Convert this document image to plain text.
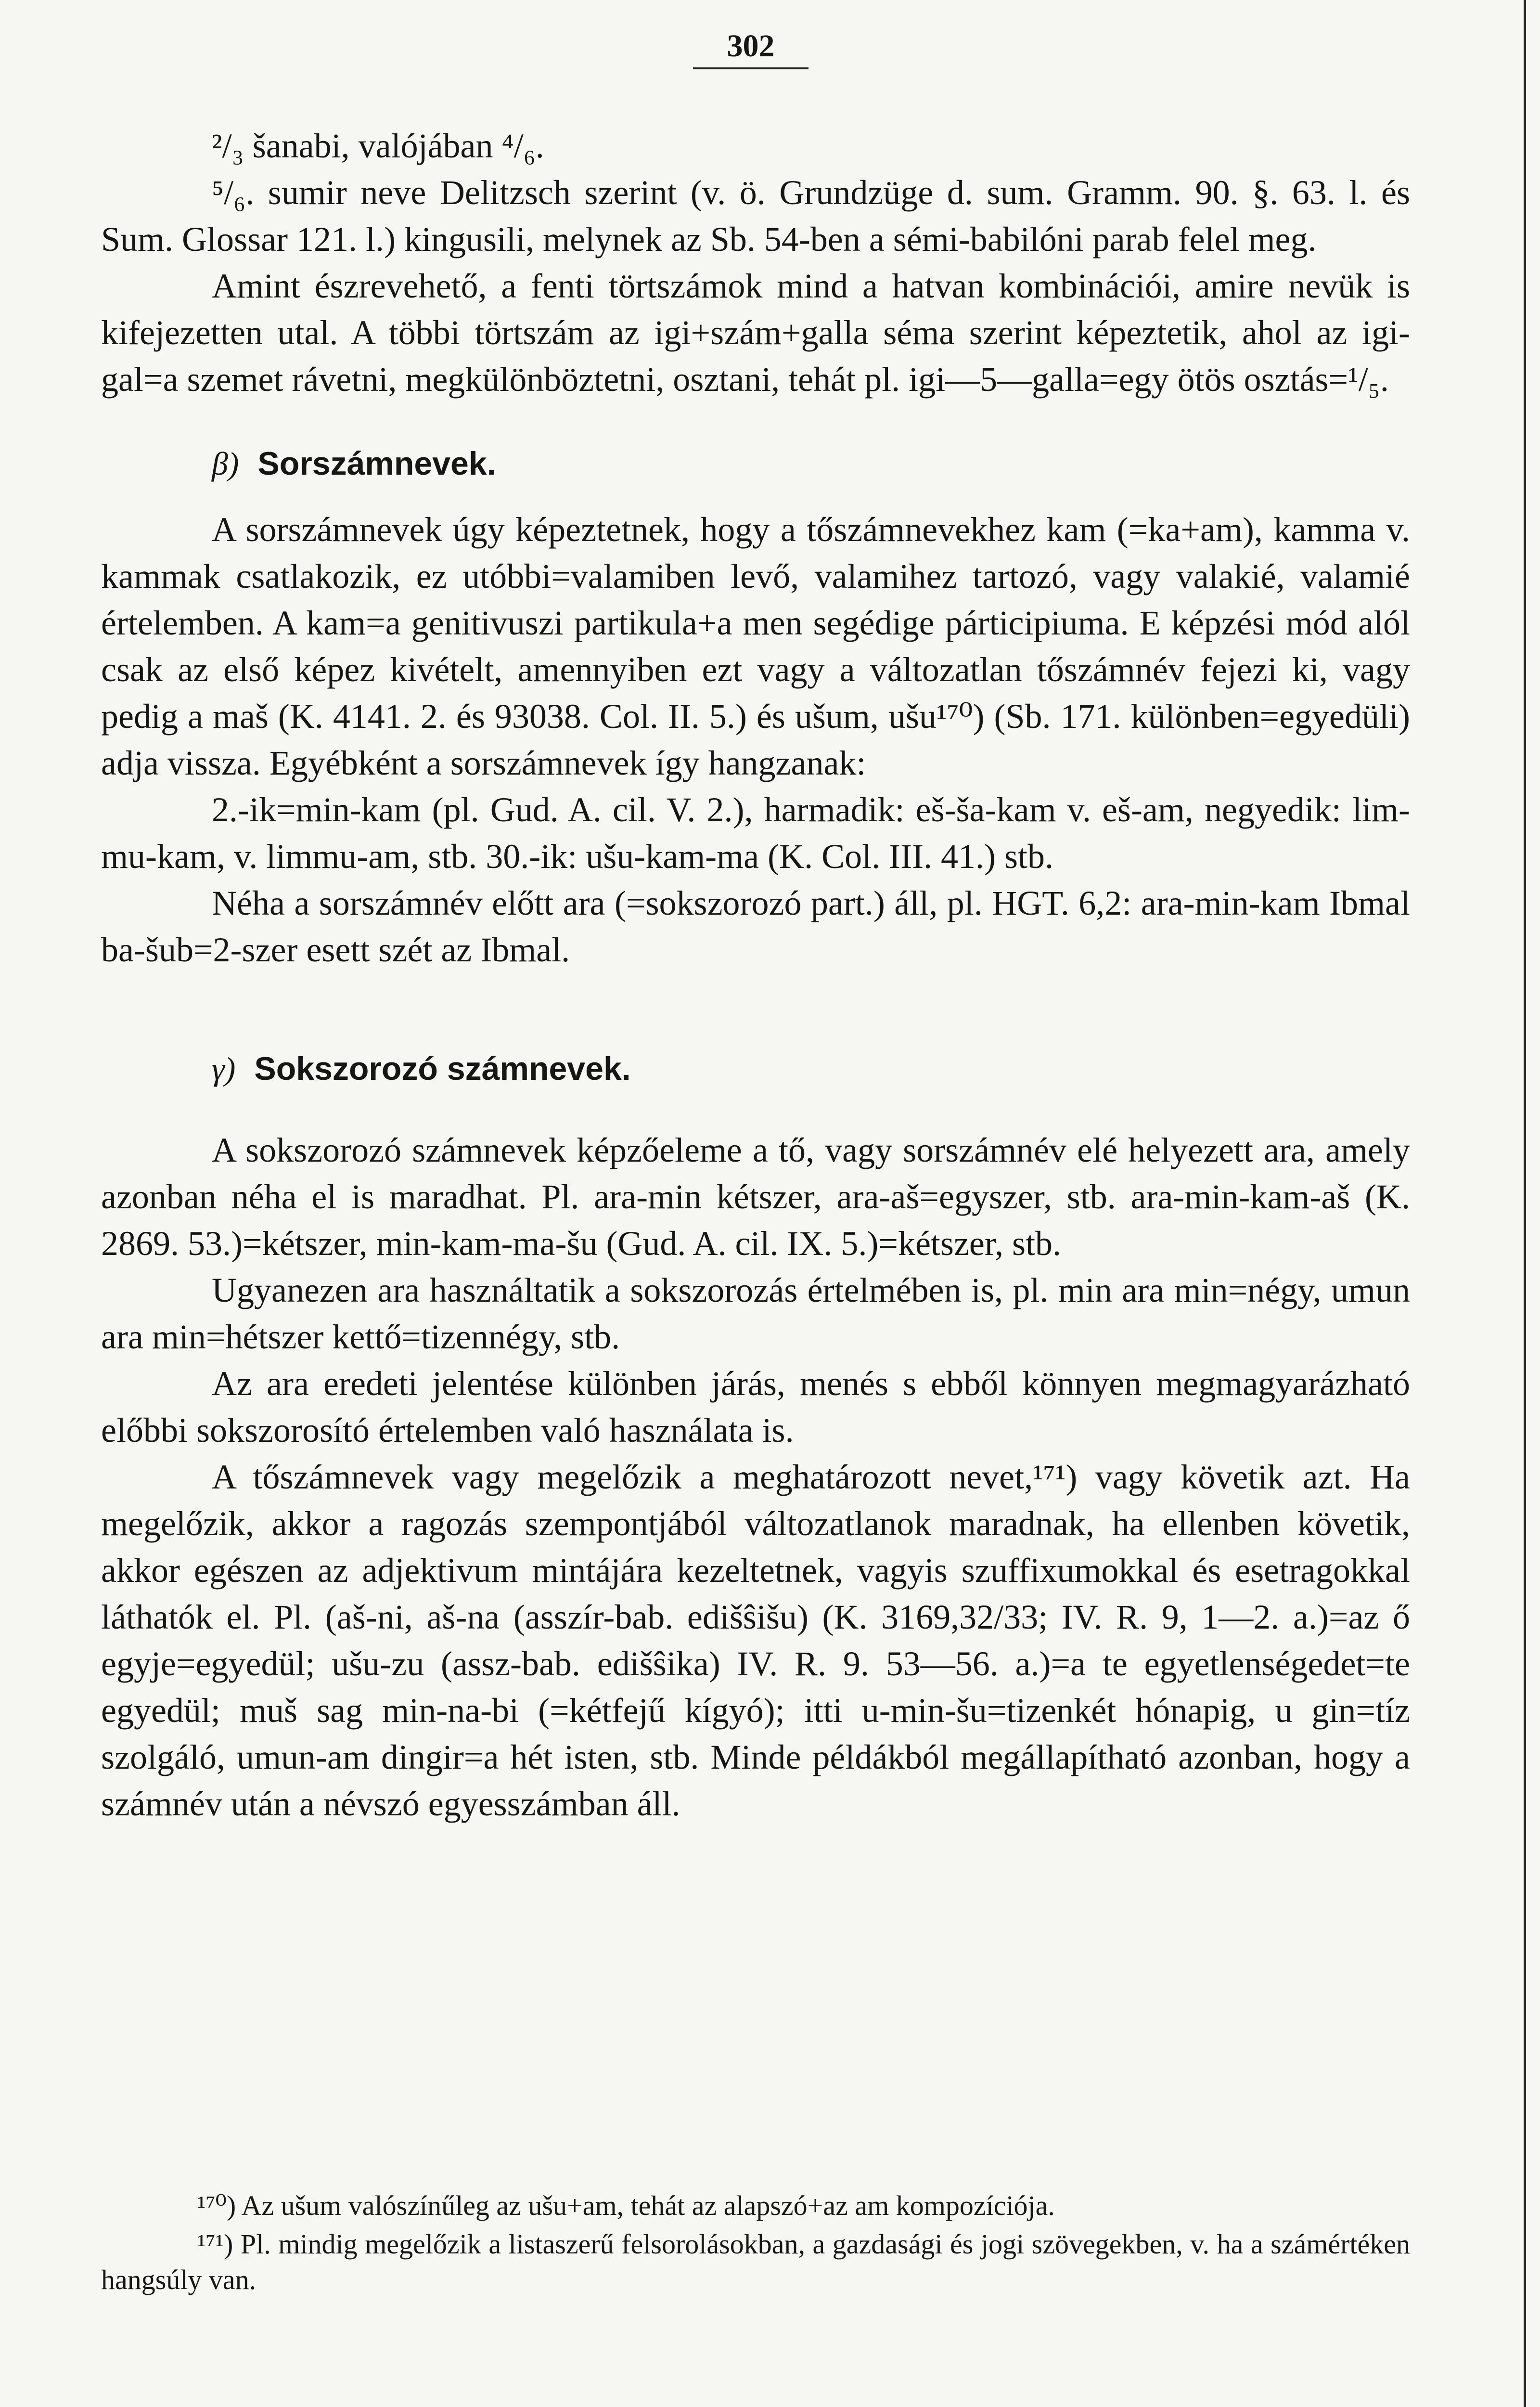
302

²/₃ šanabi, valójában ⁴/₆.

⁵/₆. sumir neve Delitzsch szerint (v. ö. Grundzüge d. sum. Gramm. 90. §. 63. l. és Sum. Glossar 121. l.) kingusili, melynek az Sb. 54-ben a sémi-babilóni parab felel meg.

Amint észrevehető, a fenti törtszámok mind a hatvan kombinációi, amire nevük is kifejezetten utal. A többi törtszám az igi+szám+galla séma szerint képeztetik, ahol az igi-gal=a szemet rávetni, megkülönböztetni, osztani, tehát pl. igi—5—galla=egy ötös osztás=¹/₅.

β) Sorszámnevek.

A sorszámnevek úgy képeztetnek, hogy a tőszámnevekhez kam (=ka+am), kamma v. kammak csatlakozik, ez utóbbi=valamiben levő, valamihez tartozó, vagy valakié, valamié értelemben. A kam=a genitivuszi partikula+a men segédige párticipiuma. E képzési mód alól csak az első képez kivételt, amennyiben ezt vagy a változatlan tőszámnév fejezi ki, vagy pedig a maš (K. 4141. 2. és 93038. Col. II. 5.) és ušum, ušu¹⁷⁰) (Sb. 171. különben=egyedüli) adja vissza. Egyébként a sorszámnevek így hangzanak:

2.-ik=min-kam (pl. Gud. A. cil. V. 2.), harmadik: eš-ša-kam v. eš-am, negyedik: lim-mu-kam, v. limmu-am, stb. 30.-ik: ušu-kam-ma (K. Col. III. 41.) stb.

Néha a sorszámnév előtt ara (=sokszorozó part.) áll, pl. HGT. 6,2: ara-min-kam Ibmal ba-šub=2-szer esett szét az Ibmal.

γ) Sokszorozó számnevek.

A sokszorozó számnevek képzőeleme a tő, vagy sorszámnév elé helyezett ara, amely azonban néha el is maradhat. Pl. ara-min kétszer, ara-aš=egyszer, stb. ara-min-kam-aš (K. 2869. 53.)=kétszer, min-kam-ma-šu (Gud. A. cil. IX. 5.)=kétszer, stb.

Ugyanezen ara használtatik a sokszorozás értelmében is, pl. min ara min=négy, umun ara min=hétszer kettő=tizennégy, stb.

Az ara eredeti jelentése különben járás, menés s ebből könnyen megmagyarázható előbbi sokszorosító értelemben való használata is.

A tőszámnevek vagy megelőzik a meghatározott nevet,¹⁷¹) vagy követik azt. Ha megelőzik, akkor a ragozás szempontjából változatlanok maradnak, ha ellenben követik, akkor egészen az adjektivum mintájára kezeltetnek, vagyis szuffixumokkal és esetragokkal láthatók el. Pl. (aš-ni, aš-na (asszír-bab. edišŝišu) (K. 3169,32/33; IV. R. 9, 1—2. a.)=az ő egyje=egyedül; ušu-zu (assz-bab. edišŝika) IV. R. 9. 53—56. a.)=a te egyetlenségedet=te egyedül; muš sag min-na-bi (=kétfejű kígyó); itti u-min-šu=tizenkét hónapig, u gin=tíz szolgáló, umun-am dingir=a hét isten, stb. Minde példákból megállapítható azonban, hogy a számnév után a névszó egyesszámban áll.

¹⁷⁰) Az ušum valószínűleg az ušu+am, tehát az alapszó+az am kompozíciója.

¹⁷¹) Pl. mindig megelőzik a listaszerű felsorolásokban, a gazdasági és jogi szövegekben, v. ha a számértéken hangsúly van.
